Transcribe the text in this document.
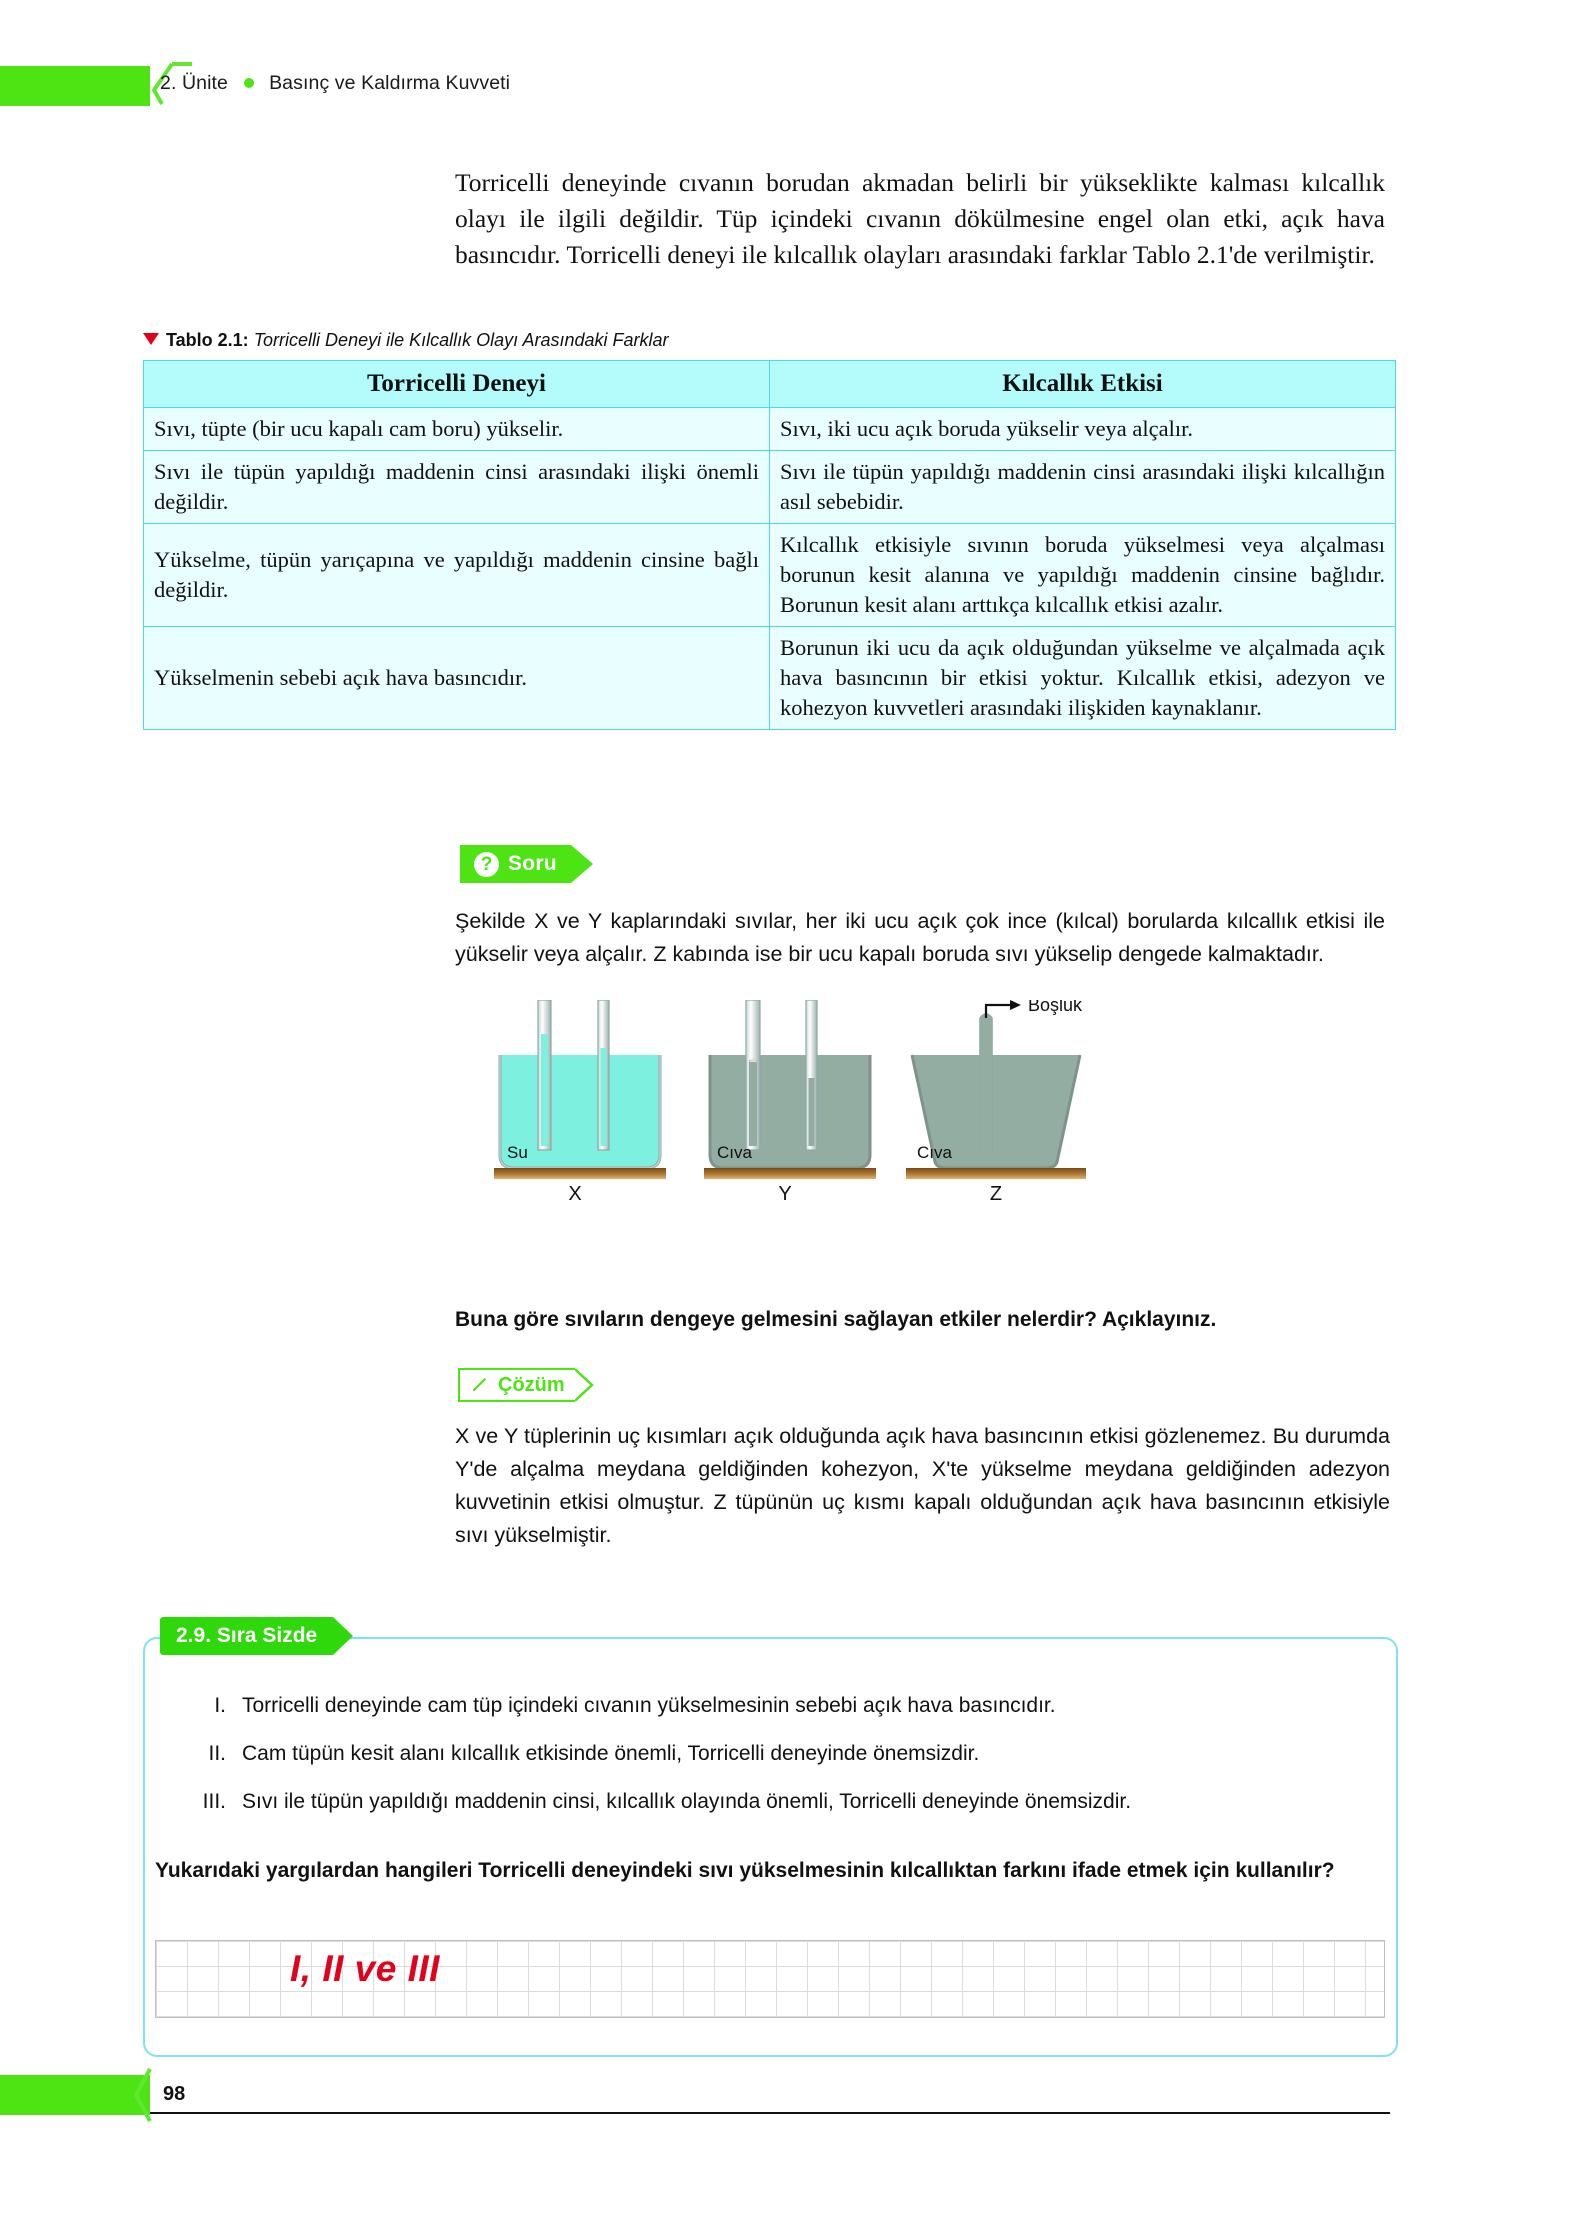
2. Ünite Basınç ve Kaldırma Kuvveti
Torricelli deneyinde cıvanın borudan akmadan belirli bir yükseklikte kalması kılcallık olayı ile ilgili değildir. Tüp içindeki cıvanın dökülmesine engel olan etki, açık hava basıncıdır. Torricelli deneyi ile kılcallık olayları arasındaki farklar Tablo 2.1'de verilmiştir.
Tablo 2.1: Torricelli Deneyi ile Kılcallık Olayı Arasındaki Farklar
Torricelli Deneyi	Kılcallık Etkisi
Sıvı, tüpte (bir ucu kapalı cam boru) yükselir.	Sıvı, iki ucu açık boruda yükselir veya alçalır.
Sıvı ile tüpün yapıldığı maddenin cinsi arasındaki ilişki önemli değildir.	Sıvı ile tüpün yapıldığı maddenin cinsi arasındaki ilişki kılcallığın asıl sebebidir.
Yükselme, tüpün yarıçapına ve yapıldığı maddenin cinsine bağlı değildir.	Kılcallık etkisiyle sıvının boruda yükselmesi veya alçalması borunun kesit alanına ve yapıldığı maddenin cinsine bağlıdır. Borunun kesit alanı arttıkça kılcallık etkisi azalır.
Yükselmenin sebebi açık hava basıncıdır.	Borunun iki ucu da açık olduğundan yükselme ve alçalmada açık hava basıncının bir etkisi yoktur. Kılcallık etkisi, adezyon ve kohezyon kuvvetleri arasındaki ilişkiden kaynaklanır.
? Soru
Şekilde X ve Y kaplarındaki sıvılar, her iki ucu açık çok ince (kılcal) borularda kılcallık etkisi ile yükselir veya alçalır. Z kabında ise bir ucu kapalı boruda sıvı yükselip dengede kalmaktadır.
Su
X
Cıva
Y
Boşluk
Cıva
Z
Buna göre sıvıların dengeye gelmesini sağlayan etkiler nelerdir? Açıklayınız.
Çözüm
X ve Y tüplerinin uç kısımları açık olduğunda açık hava basıncının etkisi gözlenemez. Bu durumda Y'de alçalma meydana geldiğinden kohezyon, X'te yükselme meydana geldiğinden adezyon kuvvetinin etkisi olmuştur. Z tüpünün uç kısmı kapalı olduğundan açık hava basıncının etkisiyle sıvı yükselmiştir.
2.9. Sıra Sizde
I. Torricelli deneyinde cam tüp içindeki cıvanın yükselmesinin sebebi açık hava basıncıdır.
II. Cam tüpün kesit alanı kılcallık etkisinde önemli, Torricelli deneyinde önemsizdir.
III. Sıvı ile tüpün yapıldığı maddenin cinsi, kılcallık olayında önemli, Torricelli deneyinde önemsizdir.
Yukarıdaki yargılardan hangileri Torricelli deneyindeki sıvı yükselmesinin kılcallıktan farkını ifade etmek için kullanılır?
I, II ve III
98
